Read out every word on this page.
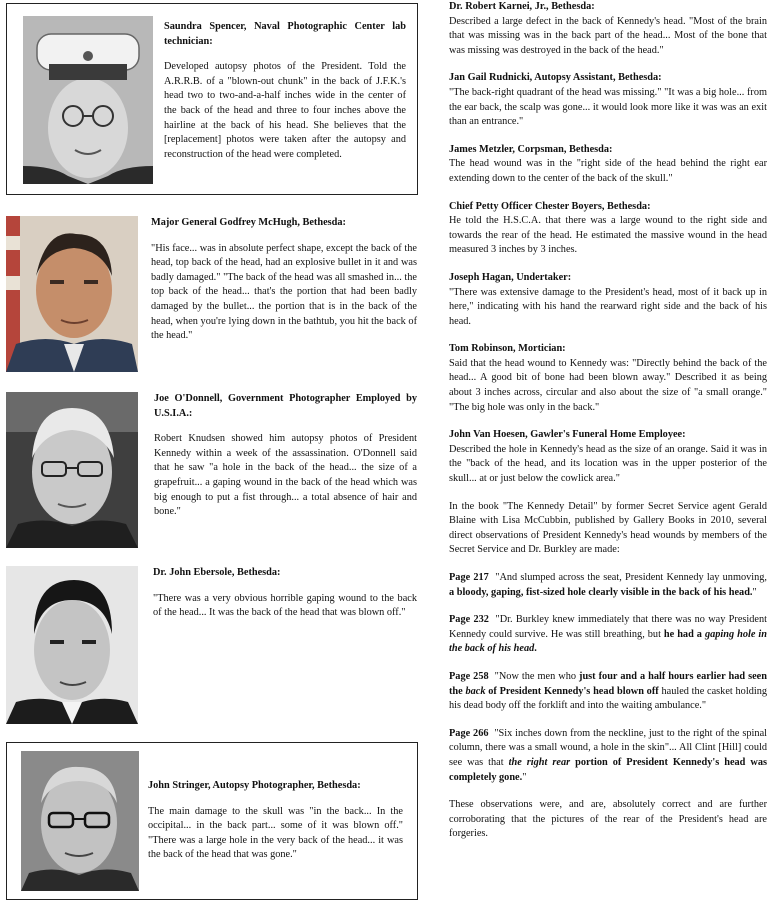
Saundra Spencer, Naval Photographic Center lab technician:

Developed autopsy photos of the President. Told the A.R.R.B. of a "blown-out chunk" in the back of J.F.K.'s head two to two-and-a-half inches wide in the center of the back of the head and three to four inches above the hairline at the back of his head. She believes that the [replacement] photos were taken after the autopsy and reconstruction of the head were completed.

Major General Godfrey McHugh, Bethesda:

"His face... was in absolute perfect shape, except the back of the head, top back of the head, had an explosive bullet in it and was badly damaged." "The back of the head was all smashed in... the top back of the head... that's the portion that had been badly damaged by the bullet... the portion that is in the back of the head, when you're lying down in the bathtub, you hit the back of the head."

Joe O'Donnell, Government Photographer Employed by U.S.I.A.:

Robert Knudsen showed him autopsy photos of President Kennedy within a week of the assassination. O'Donnell said that he saw "a hole in the back of the head... the size of a grapefruit... a gaping wound in the back of the head which was big enough to put a fist through... a total absence of hair and bone."

Dr. John Ebersole, Bethesda:

"There was a very obvious horrible gaping wound to the back of the head... It was the back of the head that was blown off."

John Stringer, Autopsy Photographer, Bethesda:

The main damage to the skull was "in the back... In the occipital... in the back part... some of it was blown off." "There was a large hole in the very back of the head... it was the back of the head that was gone."

Dr. Robert Karnei, Jr., Bethesda:

Described a large defect in the back of Kennedy's head. "Most of the brain that was missing was in the back part of the head... Most of the bone that was missing was destroyed in the back of the head."

Jan Gail Rudnicki, Autopsy Assistant, Bethesda:

"The back-right quadrant of the head was missing." "It was a big hole... from the ear back, the scalp was gone... it would look more like it was was an exit than an entrance."

James Metzler, Corpsman, Bethesda:

The head wound was in the "right side of the head behind the right ear extending down to the center of the back of the skull."

Chief Petty Officer Chester Boyers, Bethesda:

He told the H.S.C.A. that there was a large wound to the right side and towards the rear of the head. He estimated the massive wound in the head measured 3 inches by 3 inches.

Joseph Hagan, Undertaker:

"There was extensive damage to the President's head, most of it back up in here," indicating with his hand the rearward right side and the back of his head.

Tom Robinson, Mortician:

Said that the head wound to Kennedy was: "Directly behind the back of the head... A good bit of bone had been blown away." Described it as being about 3 inches across, circular and also about the size of "a small orange." "The big hole was only in the back."

John Van Hoesen, Gawler's Funeral Home Employee:

Described the hole in Kennedy's head as the size of an orange. Said it was in the "back of the head, and its location was in the upper posterior of the skull... at or just below the cowlick area."

In the book "The Kennedy Detail" by former Secret Service agent Gerald Blaine with Lisa McCubbin, published by Gallery Books in 2010, several direct observations of President Kennedy's head wounds by members of the Secret Service and Dr. Burkley are made:

Page 217 "And slumped across the seat, President Kennedy lay unmoving, a bloody, gaping, fist-sized hole clearly visible in the back of his head."

Page 232 "Dr. Burkley knew immediately that there was no way President Kennedy could survive. He was still breathing, but he had a gaping hole in the back of his head.

Page 258 "Now the men who just four and a half hours earlier had seen the back of President Kennedy's head blown off hauled the casket holding his dead body off the forklift and into the waiting ambulance."

Page 266 "Six inches down from the neckline, just to the right of the spinal column, there was a small wound, a hole in the skin"... All Clint [Hill] could see was that the right rear portion of President Kennedy's head was completely gone."

These observations were, and are, absolutely correct and are further corroborating that the pictures of the rear of the President's head are forgeries.
